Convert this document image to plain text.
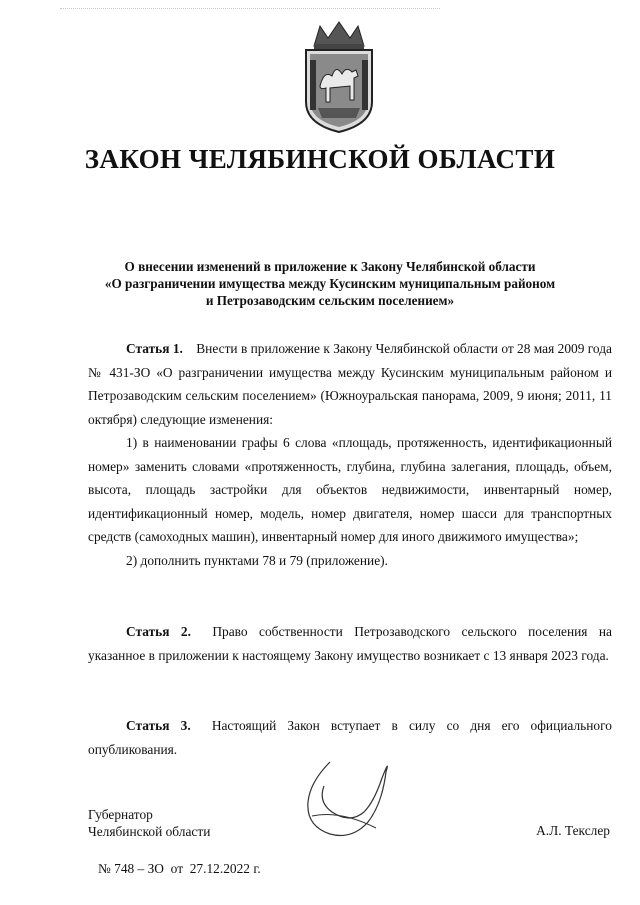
ЗАКОН ЧЕЛЯБИНСКОЙ ОБЛАСТИ
О внесении изменений в приложение к Закону Челябинской области
«О разграничении имущества между Кусинским муниципальным районом
и Петрозаводским сельским поселением»

Статья 1. Внести в приложение к Закону Челябинской области от 28 мая 2009 года № 431-ЗО «О разграничении имущества между Кусинским муниципальным районом и Петрозаводским сельским поселением» (Южноуральская панорама, 2009, 9 июня; 2011, 11 октября) следующие изменения:

1) в наименовании графы 6 слова «площадь, протяженность, идентификационный номер» заменить словами «протяженность, глубина, глубина залегания, площадь, объем, высота, площадь застройки для объектов недвижимости, инвентарный номер, идентификационный номер, модель, номер двигателя, номер шасси для транспортных средств (самоходных машин), инвентарный номер для иного движимого имущества»;

2) дополнить пунктами 78 и 79 (приложение).

Статья 2. Право собственности Петрозаводского сельского поселения на указанное в приложении к настоящему Закону имущество возникает с 13 января 2023 года.

Статья 3. Настоящий Закон вступает в силу со дня его официального опубликования.

Губернатор
Челябинской области	А.Л. Текслер
№ 748 – ЗО  от  27.12.2022 г.
